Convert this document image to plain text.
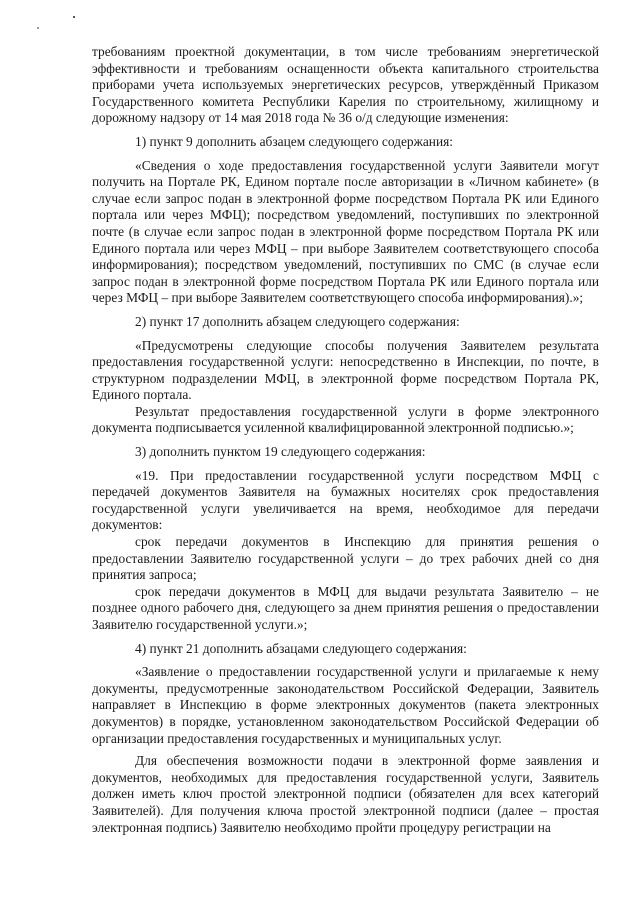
требованиям проектной документации, в том числе требованиям энергетической эффективности и требованиям оснащенности объекта капитального строительства приборами учета используемых энергетических ресурсов, утверждённый Приказом Государственного комитета Республики Карелия по строительному, жилищному и дорожному надзору от 14 мая 2018 года № 36 о/д следующие изменения:

1) пункт 9 дополнить абзацем следующего содержания:

«Сведения о ходе предоставления государственной услуги Заявители могут получить на Портале РК, Едином портале после авторизации в «Личном кабинете» (в случае если запрос подан в электронной форме посредством Портала РК или Единого портала или через МФЦ); посредством уведомлений, поступивших по электронной почте (в случае если запрос подан в электронной форме посредством Портала РК или Единого портала или через МФЦ – при выборе Заявителем соответствующего способа информирования); посредством уведомлений, поступивших по СМС (в случае если запрос подан в электронной форме посредством Портала РК или Единого портала или через МФЦ – при выборе Заявителем соответствующего способа информирования).»;

2) пункт 17 дополнить абзацем следующего содержания:

«Предусмотрены следующие способы получения Заявителем результата предоставления государственной услуги: непосредственно в Инспекции, по почте, в структурном подразделении МФЦ, в электронной форме посредством Портала РК, Единого портала.

Результат предоставления государственной услуги в форме электронного документа подписывается усиленной квалифицированной электронной подписью.»;

3) дополнить пунктом 19 следующего содержания:

«19. При предоставлении государственной услуги посредством МФЦ с передачей документов Заявителя на бумажных носителях срок предоставления государственной услуги увеличивается на время, необходимое для передачи документов:

срок передачи документов в Инспекцию для принятия решения о предоставлении Заявителю государственной услуги – до трех рабочих дней со дня принятия запроса;

срок передачи документов в МФЦ для выдачи результата Заявителю – не позднее одного рабочего дня, следующего за днем принятия решения о предоставлении Заявителю государственной услуги.»;

4) пункт 21 дополнить абзацами следующего содержания:

«Заявление о предоставлении государственной услуги и прилагаемые к нему документы, предусмотренные законодательством Российской Федерации, Заявитель направляет в Инспекцию в форме электронных документов (пакета электронных документов) в порядке, установленном законодательством Российской Федерации об организации предоставления государственных и муниципальных услуг.

Для обеспечения возможности подачи в электронной форме заявления и документов, необходимых для предоставления государственной услуги, Заявитель должен иметь ключ простой электронной подписи (обязателен для всех категорий Заявителей). Для получения ключа простой электронной подписи (далее – простая электронная подпись) Заявителю необходимо пройти процедуру регистрации на
